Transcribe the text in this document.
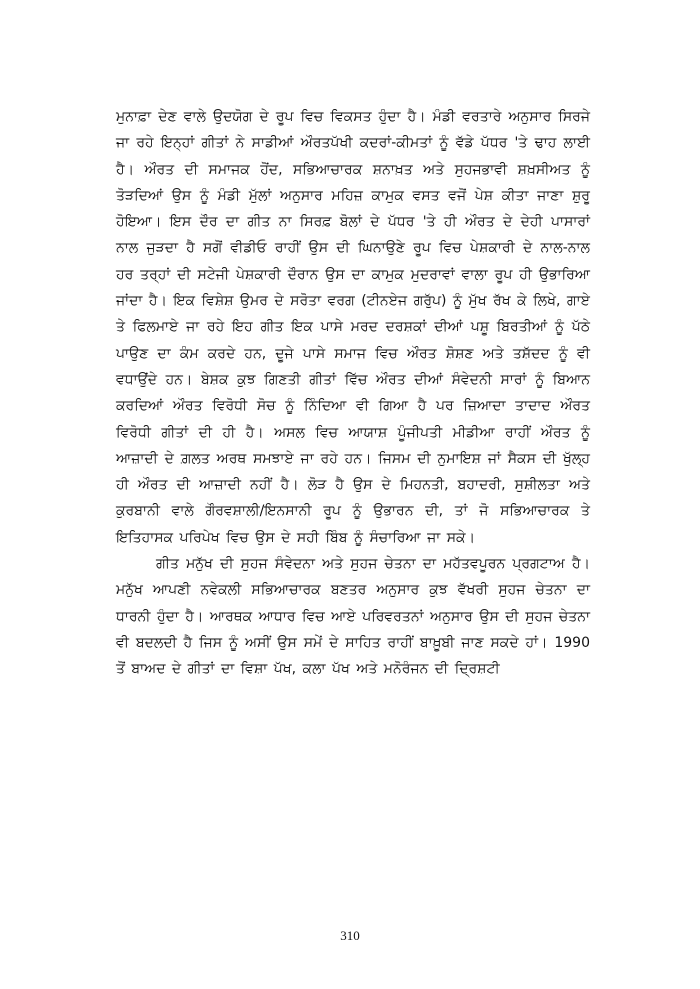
ਮੁਨਾਫ਼ਾ ਦੇਣ ਵਾਲੇ ਉਦਯੋਗ ਦੇ ਰੂਪ ਵਿਚ ਵਿਕਸਤ ਹੁੰਦਾ ਹੈ। ਮੰਡੀ ਵਰਤਾਰੇ ਅਨੁਸਾਰ ਸਿਰਜੇ ਜਾ ਰਹੇ ਇਨ੍ਹਾਂ ਗੀਤਾਂ ਨੇ ਸਾਡੀਆਂ ਔਰਤਪੱਖੀ ਕਦਰਾਂ-ਕੀਮਤਾਂ ਨੂੰ ਵੱਡੇ ਪੱਧਰ 'ਤੇ ਢਾਹ ਲਾਈ ਹੈ। ਔਰਤ ਦੀ ਸਮਾਜਕ ਹੋਂਦ, ਸਭਿਆਚਾਰਕ ਸ਼ਨਾਖ਼ਤ ਅਤੇ ਸੁਹਜਭਾਵੀ ਸ਼ਖ਼ਸੀਅਤ ਨੂੰ ਤੋੜਦਿਆਂ ਉਸ ਨੂੰ ਮੰਡੀ ਮੁੱਲਾਂ ਅਨੁਸਾਰ ਮਹਿਜ਼ ਕਾਮੁਕ ਵਸਤ ਵਜੋਂ ਪੇਸ਼ ਕੀਤਾ ਜਾਣਾ ਸ਼ੁਰੂ ਹੋਇਆ। ਇਸ ਦੌਰ ਦਾ ਗੀਤ ਨਾ ਸਿਰਫ਼ ਬੋਲਾਂ ਦੇ ਪੱਧਰ 'ਤੇ ਹੀ ਔਰਤ ਦੇ ਦੇਹੀ ਪਾਸਾਰਾਂ ਨਾਲ ਜੁੜਦਾ ਹੈ ਸਗੋਂ ਵੀਡੀਓ ਰਾਹੀਂ ਉਸ ਦੀ ਘਿਨਾਉਣੇ ਰੂਪ ਵਿਚ ਪੇਸ਼ਕਾਰੀ ਦੇ ਨਾਲ-ਨਾਲ ਹਰ ਤਰ੍ਹਾਂ ਦੀ ਸਟੇਜੀ ਪੇਸ਼ਕਾਰੀ ਦੌਰਾਨ ਉਸ ਦਾ ਕਾਮੁਕ ਮੁਦਰਾਵਾਂ ਵਾਲਾ ਰੂਪ ਹੀ ਉਭਾਰਿਆ ਜਾਂਦਾ ਹੈ। ਇਕ ਵਿਸ਼ੇਸ਼ ਉਮਰ ਦੇ ਸਰੋਤਾ ਵਰਗ (ਟੀਨਏਜ ਗਰੁੱਪ) ਨੂੰ ਮੁੱਖ ਰੱਖ ਕੇ ਲਿਖੇ, ਗਾਏ ਤੇ ਫਿਲਮਾਏ ਜਾ ਰਹੇ ਇਹ ਗੀਤ ਇਕ ਪਾਸੇ ਮਰਦ ਦਰਸ਼ਕਾਂ ਦੀਆਂ ਪਸ਼ੂ ਬਿਰਤੀਆਂ ਨੂੰ ਪੱਠੇ ਪਾਉਣ ਦਾ ਕੰਮ ਕਰਦੇ ਹਨ, ਦੂਜੇ ਪਾਸੇ ਸਮਾਜ ਵਿਚ ਔਰਤ ਸ਼ੋਸ਼ਣ ਅਤੇ ਤਸ਼ੱਦਦ ਨੂੰ ਵੀ ਵਧਾਉਂਦੇ ਹਨ। ਬੇਸ਼ਕ ਕੁਝ ਗਿਣਤੀ ਗੀਤਾਂ ਵਿੱਚ ਔਰਤ ਦੀਆਂ ਸੰਵੇਦਨੀ ਸਾਰਾਂ ਨੂੰ ਬਿਆਨ ਕਰਦਿਆਂ ਔਰਤ ਵਿਰੋਧੀ ਸੋਚ ਨੂੰ ਨਿੰਦਿਆ ਵੀ ਗਿਆ ਹੈ ਪਰ ਜ਼ਿਆਦਾ ਤਾਦਾਦ ਔਰਤ ਵਿਰੋਧੀ ਗੀਤਾਂ ਦੀ ਹੀ ਹੈ। ਅਸਲ ਵਿਚ ਆਯਾਸ਼ ਪੂੰਜੀਪਤੀ ਮੀਡੀਆ ਰਾਹੀਂ ਔਰਤ ਨੂੰ ਆਜ਼ਾਦੀ ਦੇ ਗ਼ਲਤ ਅਰਥ ਸਮਝਾਏ ਜਾ ਰਹੇ ਹਨ। ਜਿਸਮ ਦੀ ਨੁਮਾਇਸ਼ ਜਾਂ ਸੈਕਸ ਦੀ ਖੁੱਲ੍ਹ ਹੀ ਔਰਤ ਦੀ ਆਜ਼ਾਦੀ ਨਹੀਂ ਹੈ। ਲੋੜ ਹੈ ਉਸ ਦੇ ਮਿਹਨਤੀ, ਬਹਾਦਰੀ, ਸੁਸ਼ੀਲਤਾ ਅਤੇ ਕੁਰਬਾਨੀ ਵਾਲੇ ਗੌਰਵਸ਼ਾਲੀ/ਇਨਸਾਨੀ ਰੂਪ ਨੂੰ ਉਭਾਰਨ ਦੀ, ਤਾਂ ਜੋ ਸਭਿਆਚਾਰਕ ਤੇ ਇਤਿਹਾਸਕ ਪਰਿਪੇਖ ਵਿਚ ਉਸ ਦੇ ਸਹੀ ਬਿੰਬ ਨੂੰ ਸੰਚਾਰਿਆ ਜਾ ਸਕੇ।

ਗੀਤ ਮਨੁੱਖ ਦੀ ਸੁਹਜ ਸੰਵੇਦਨਾ ਅਤੇ ਸੁਹਜ ਚੇਤਨਾ ਦਾ ਮਹੱਤਵਪੂਰਨ ਪ੍ਰਗਟਾਅ ਹੈ। ਮਨੁੱਖ ਆਪਣੀ ਨਵੇਕਲੀ ਸਭਿਆਚਾਰਕ ਬਣਤਰ ਅਨੁਸਾਰ ਕੁਝ ਵੱਖਰੀ ਸੁਹਜ ਚੇਤਨਾ ਦਾ ਧਾਰਨੀ ਹੁੰਦਾ ਹੈ। ਆਰਥਕ ਆਧਾਰ ਵਿਚ ਆਏ ਪਰਿਵਰਤਨਾਂ ਅਨੁਸਾਰ ਉਸ ਦੀ ਸੁਹਜ ਚੇਤਨਾ ਵੀ ਬਦਲਦੀ ਹੈ ਜਿਸ ਨੂੰ ਅਸੀਂ ਉਸ ਸਮੇਂ ਦੇ ਸਾਹਿਤ ਰਾਹੀਂ ਬਾਖ਼ੂਬੀ ਜਾਣ ਸਕਦੇ ਹਾਂ। 1990 ਤੋਂ ਬਾਅਦ ਦੇ ਗੀਤਾਂ ਦਾ ਵਿਸ਼ਾ ਪੱਖ, ਕਲਾ ਪੱਖ ਅਤੇ ਮਨੋਰੰਜਨ ਦੀ ਦ੍ਰਿਸ਼ਟੀ

310
